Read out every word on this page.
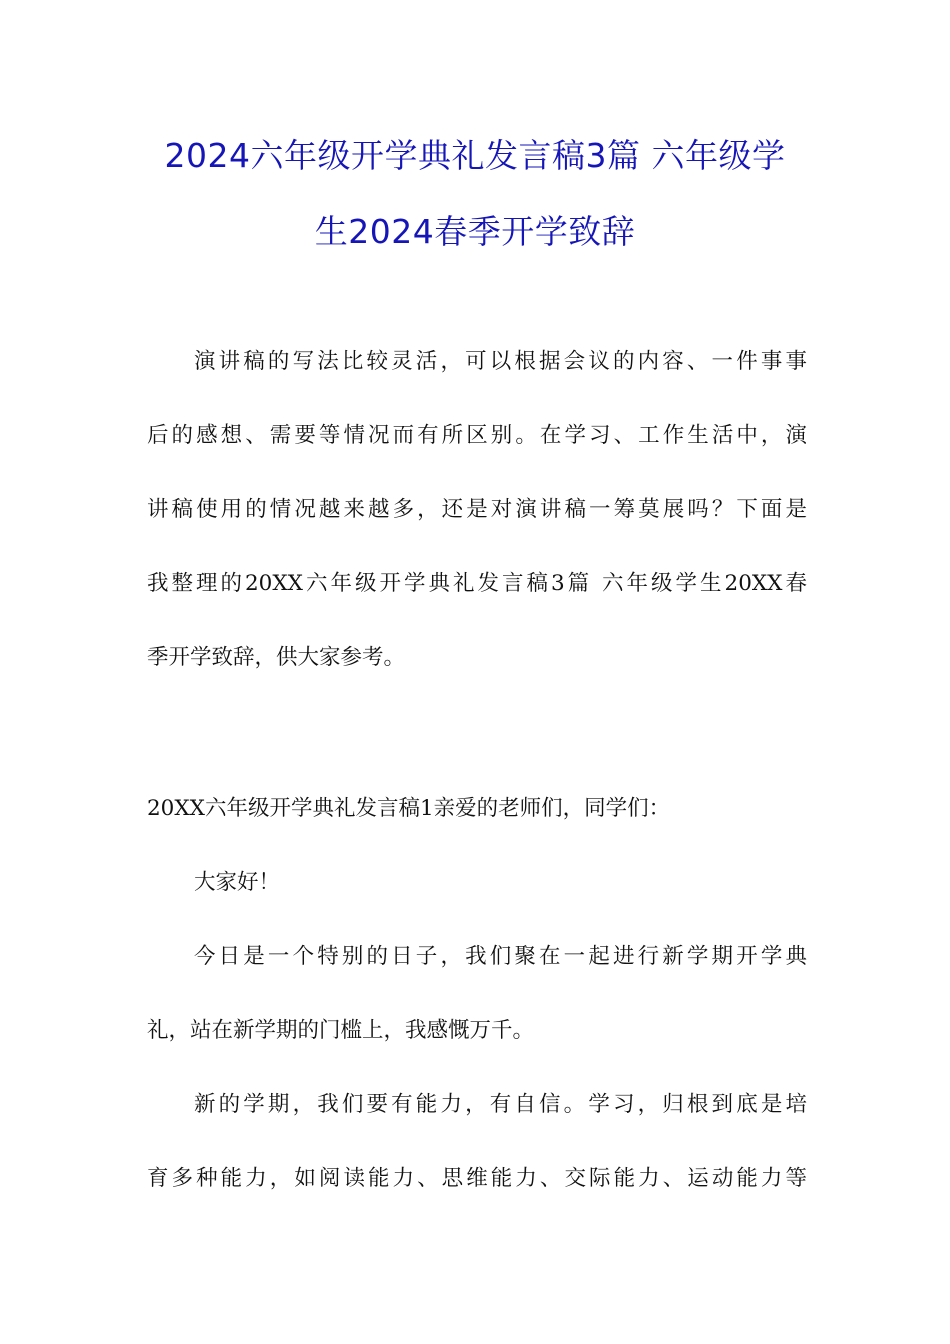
2024六年级开学典礼发言稿3篇 六年级学
生2024春季开学致辞
演讲稿的写法比较灵活，可以根据会议的内容、一件事事
后的感想、需要等情况而有所区别。在学习、工作生活中，演
讲稿使用的情况越来越多，还是对演讲稿一筹莫展吗？下面是
我整理的20XX六年级开学典礼发言稿3篇 六年级学生20XX春
季开学致辞，供大家参考。
20XX六年级开学典礼发言稿1亲爱的老师们，同学们：
大家好！
今日是一个特别的日子，我们聚在一起进行新学期开学典
礼，站在新学期的门槛上，我感慨万千。
新的学期，我们要有能力，有自信。学习，归根到底是培
育多种能力，如阅读能力、思维能力、交际能力、运动能力等
